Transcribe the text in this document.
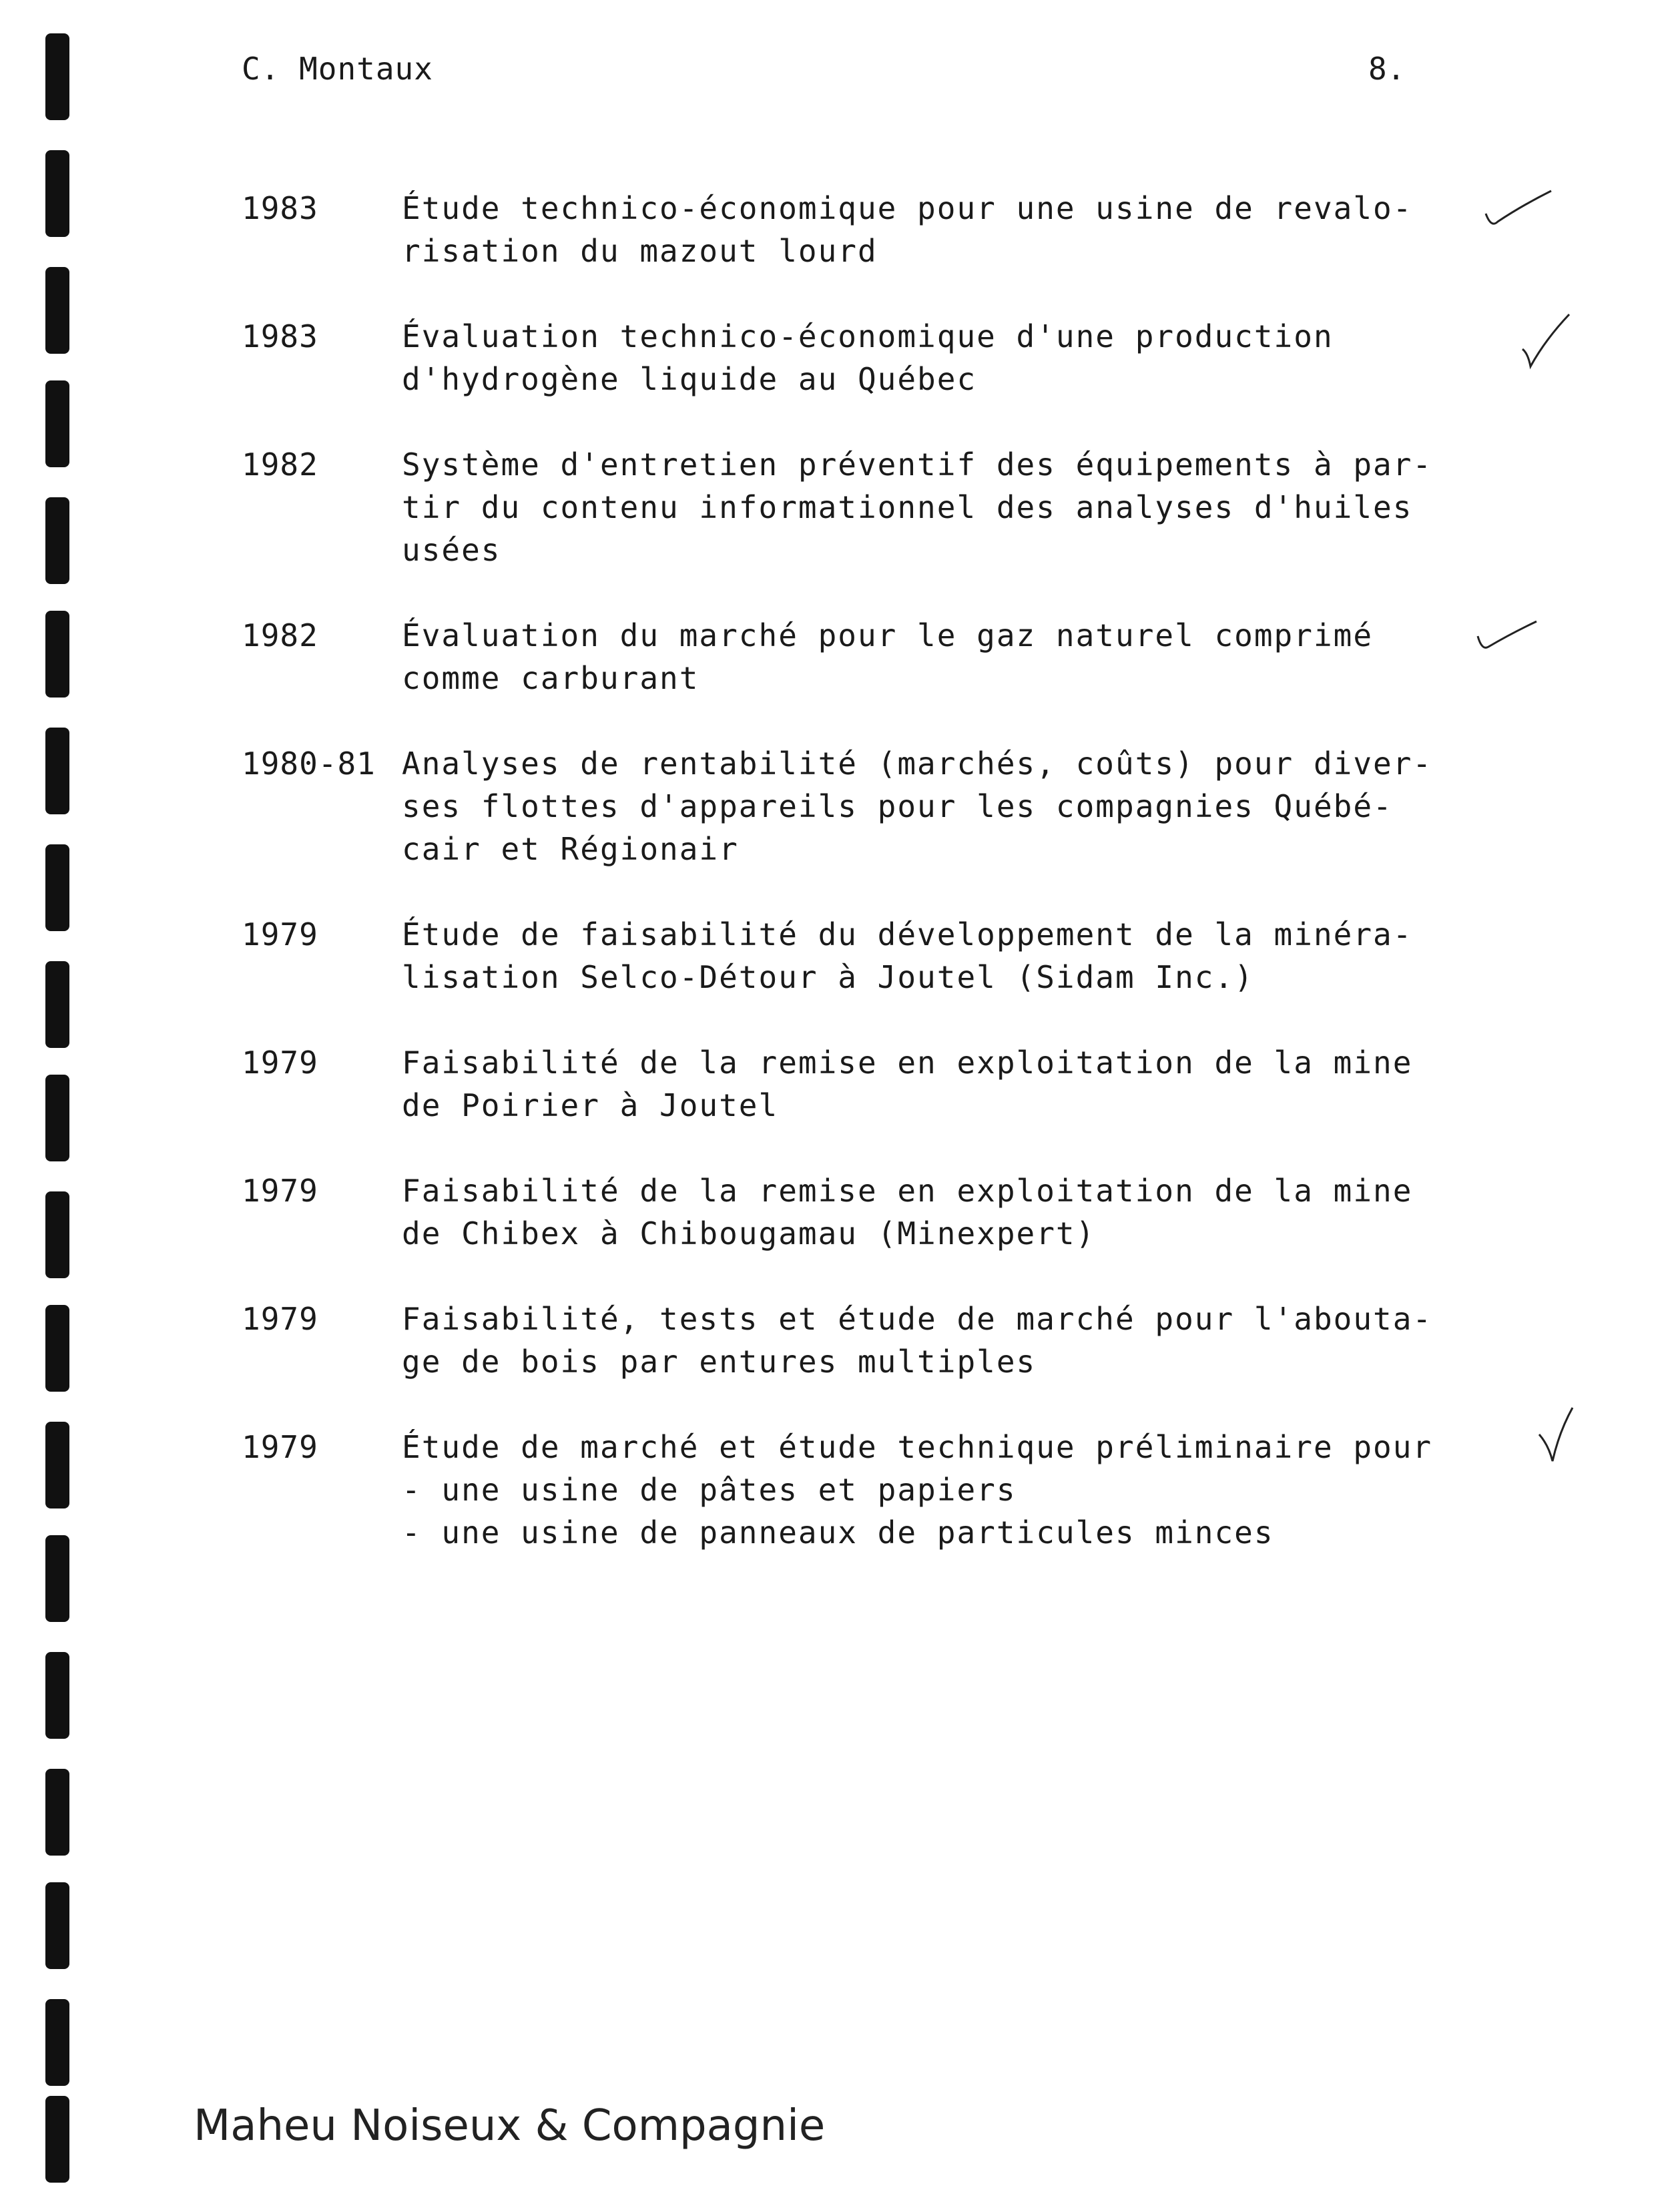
C. Montaux	8.
1983	Étude technico-économique pour une usine de revalo-
risation du mazout lourd
1983	Évaluation technico-économique d'une production
d'hydrogène liquide au Québec
1982	Système d'entretien préventif des équipements à par-
tir du contenu informationnel des analyses d'huiles
usées
1982	Évaluation du marché pour le gaz naturel comprimé
comme carburant
1980-81 Analyses de rentabilité (marchés, coûts) pour diver-
ses flottes d'appareils pour les compagnies Québé-
cair et Régionair
1979	Étude de faisabilité du développement de la minéra-
lisation Selco-Détour à Joutel (Sidam Inc.)
1979	Faisabilité de la remise en exploitation de la mine
de Poirier à Joutel
1979	Faisabilité de la remise en exploitation de la mine
de Chibex à Chibougamau (Minexpert)
1979	Faisabilité, tests et étude de marché pour l'abouta-
ge de bois par entures multiples
1979	Étude de marché et étude technique préliminaire pour
- une usine de pâtes et papiers
- une usine de panneaux de particules minces
Maheu Noiseux & Compagnie
